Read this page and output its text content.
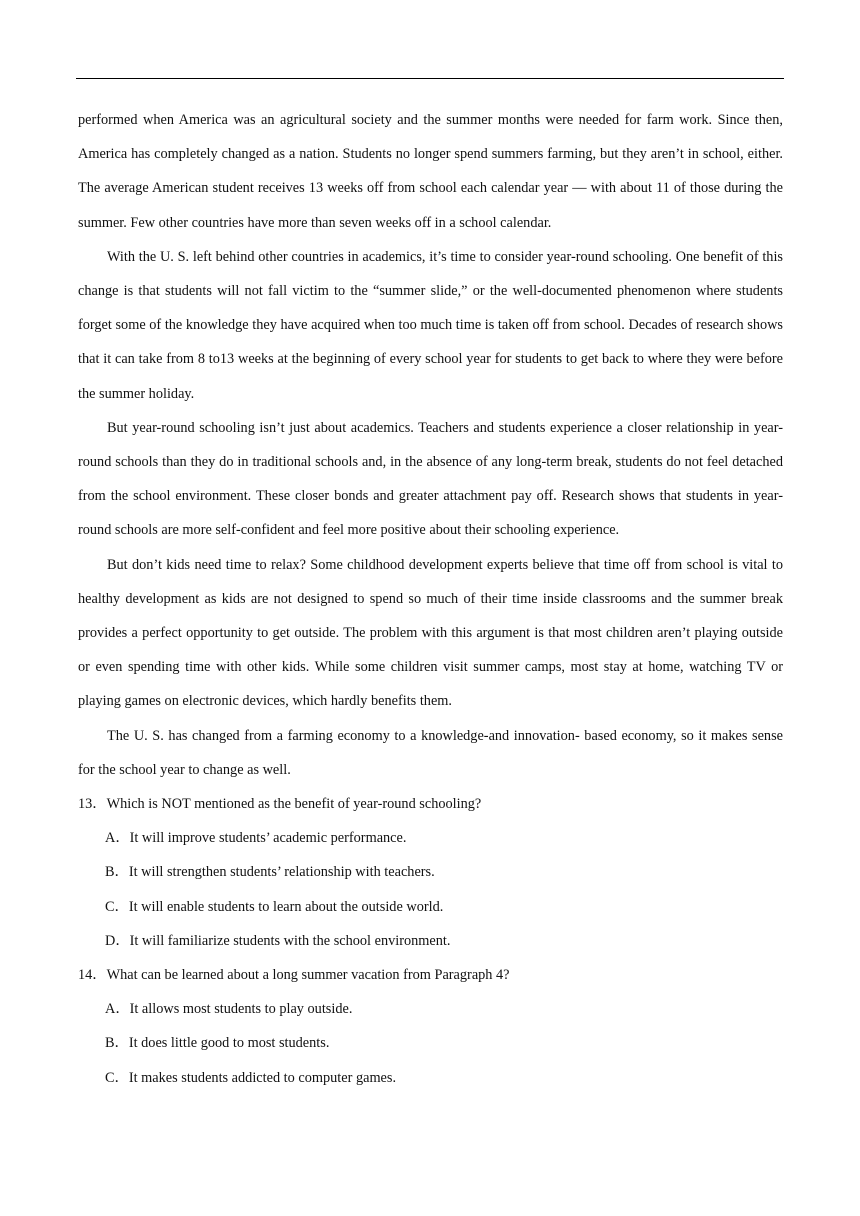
performed when America was an agricultural society and the summer months were needed for farm work. Since then, America has completely changed as a nation. Students no longer spend summers farming, but they aren’t in school, either. The average American student receives 13 weeks off from school each calendar year — with about 11 of those during the summer. Few other countries have more than seven weeks off in a school calendar.

With the U. S. left behind other countries in academics, it’s time to consider year-round schooling. One benefit of this change is that students will not fall victim to the “summer slide,” or the well-documented phenomenon where students forget some of the knowledge they have acquired when too much time is taken off from school. Decades of research shows that it can take from 8 to13 weeks at the beginning of every school year for students to get back to where they were before the summer holiday.

But year-round schooling isn’t just about academics. Teachers and students experience a closer relationship in year-round schools than they do in traditional schools and, in the absence of any long-term break, students do not feel detached from the school environment. These closer bonds and greater attachment pay off. Research shows that students in year-round schools are more self-confident and feel more positive about their schooling experience.

But don’t kids need time to relax? Some childhood development experts believe that time off from school is vital to healthy development as kids are not designed to spend so much of their time inside classrooms and the summer break provides a perfect opportunity to get outside. The problem with this argument is that most children aren’t playing outside or even spending time with other kids. While some children visit summer camps, most stay at home, watching TV or playing games on electronic devices, which hardly benefits them.

The U. S. has changed from a farming economy to a knowledge-and innovation- based economy, so it makes sense for the school year to change as well.

13．Which is NOT mentioned as the benefit of year-round schooling?

A．It will improve students’ academic performance.

B．It will strengthen students’ relationship with teachers.

C．It will enable students to learn about the outside world.

D．It will familiarize students with the school environment.

14．What can be learned about a long summer vacation from Paragraph 4?

A．It allows most students to play outside.

B．It does little good to most students.

C．It makes students addicted to computer games.
